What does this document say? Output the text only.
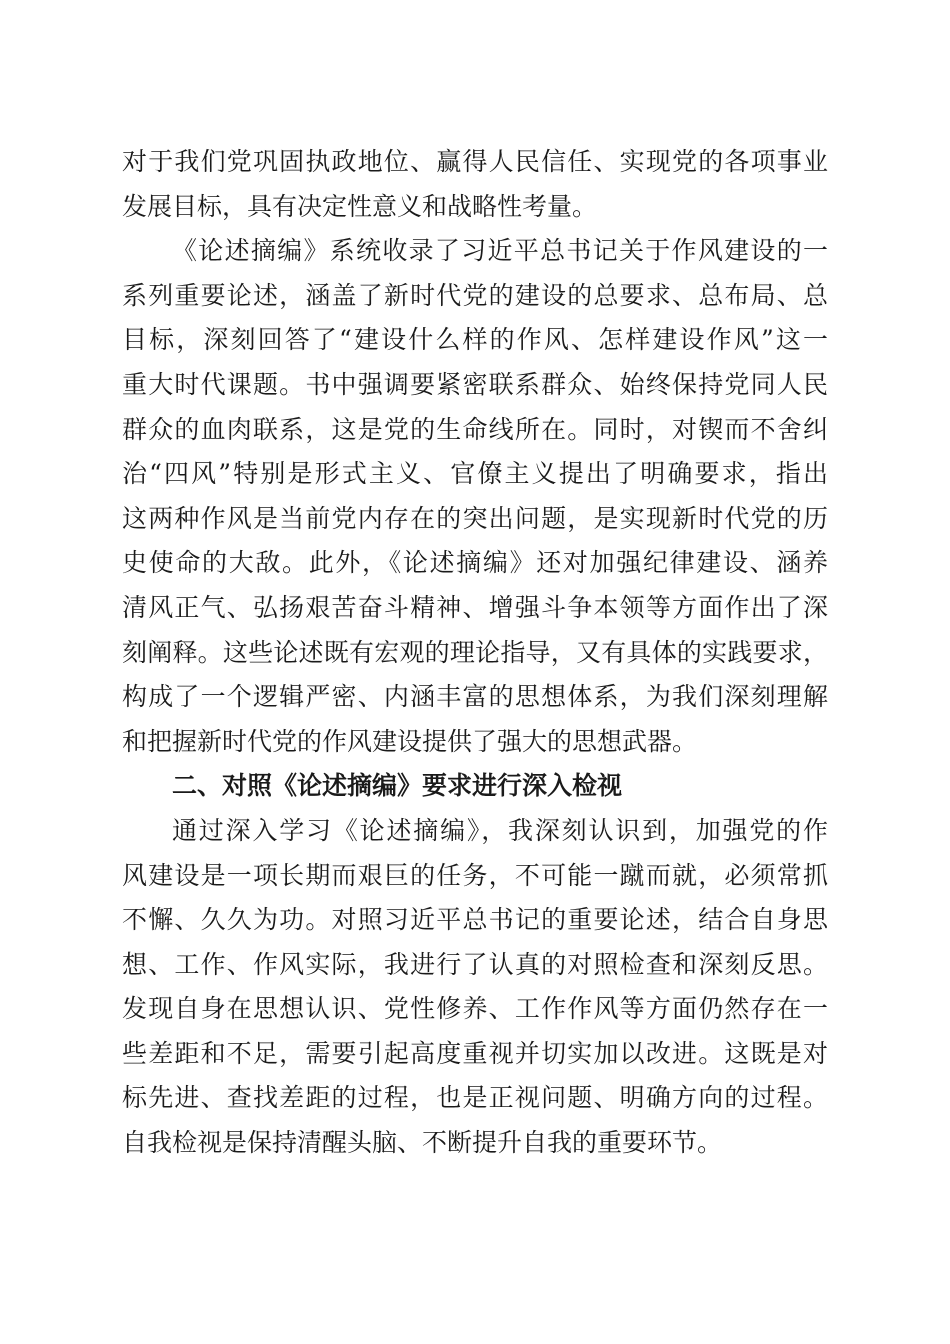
对于我们党巩固执政地位、赢得人民信任、实现党的各项事业
发展目标，具有决定性意义和战略性考量。
《论述摘编》系统收录了习近平总书记关于作风建设的一
系列重要论述，涵盖了新时代党的建设的总要求、总布局、总
目标，深刻回答了“建设什么样的作风、怎样建设作风”这一
重大时代课题。书中强调要紧密联系群众、始终保持党同人民
群众的血肉联系，这是党的生命线所在。同时，对锲而不舍纠
治“四风”特别是形式主义、官僚主义提出了明确要求，指出
这两种作风是当前党内存在的突出问题，是实现新时代党的历
史使命的大敌。此外，《论述摘编》还对加强纪律建设、涵养
清风正气、弘扬艰苦奋斗精神、增强斗争本领等方面作出了深
刻阐释。这些论述既有宏观的理论指导，又有具体的实践要求，
构成了一个逻辑严密、内涵丰富的思想体系，为我们深刻理解
和把握新时代党的作风建设提供了强大的思想武器。
二、对照《论述摘编》要求进行深入检视
通过深入学习《论述摘编》，我深刻认识到，加强党的作
风建设是一项长期而艰巨的任务，不可能一蹴而就，必须常抓
不懈、久久为功。对照习近平总书记的重要论述，结合自身思
想、工作、作风实际，我进行了认真的对照检查和深刻反思。
发现自身在思想认识、党性修养、工作作风等方面仍然存在一
些差距和不足，需要引起高度重视并切实加以改进。这既是对
标先进、查找差距的过程，也是正视问题、明确方向的过程。
自我检视是保持清醒头脑、不断提升自我的重要环节。
